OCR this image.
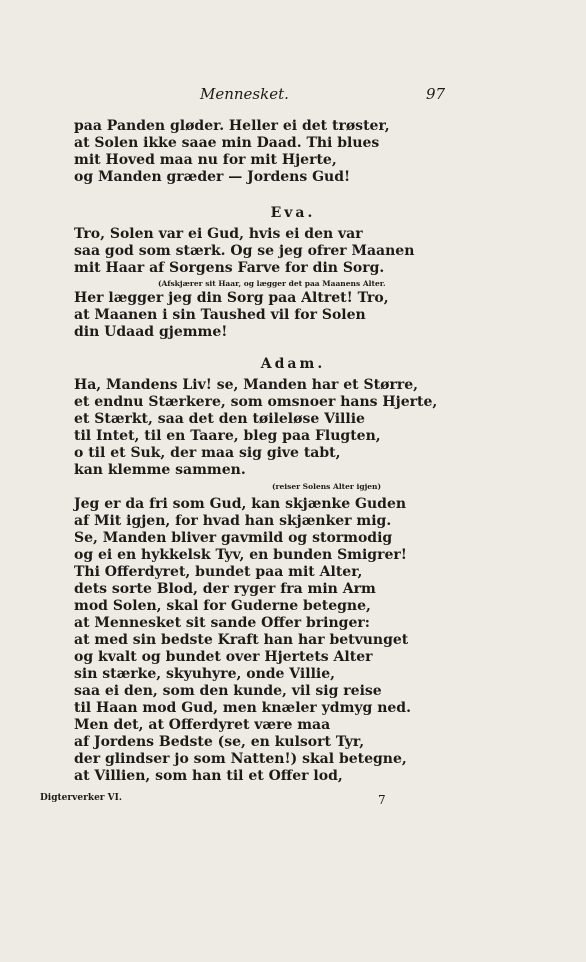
Mennesket.	97
paa Panden gløder. Heller ei det trøster,
at Solen ikke saae min Daad. Thi blues
mit Hoved maa nu for mit Hjerte,
og Manden græder — Jordens Gud!
Eva.
Tro, Solen var ei Gud, hvis ei den var
saa god som stærk. Og se jeg ofrer Maanen
mit Haar af Sorgens Farve for din Sorg.
(Afskjærer sit Haar, og lægger det paa Maanens Alter.
Her lægger jeg din Sorg paa Altret! Tro,
at Maanen i sin Taushed vil for Solen
din Udaad gjemme!
Adam.
Ha, Mandens Liv! se, Manden har et Større,
et endnu Stærkere, som omsnoer hans Hjerte,
et Stærkt, saa det den tøileløse Villie
til Intet, til en Taare, bleg paa Flugten,
o til et Suk, der maa sig give tabt,
kan klemme sammen.
(reiser Solens Alter igjen)
Jeg er da fri som Gud, kan skjænke Guden
af Mit igjen, for hvad han skjænker mig.
Se, Manden bliver gavmild og stormodig
og ei en hykkelsk Tyv, en bunden Smigrer!
Thi Offerdyret, bundet paa mit Alter,
dets sorte Blod, der ryger fra min Arm
mod Solen, skal for Guderne betegne,
at Mennesket sit sande Offer bringer:
at med sin bedste Kraft han har betvunget
og kvalt og bundet over Hjertets Alter
sin stærke, skyuhyre, onde Villie,
saa ei den, som den kunde, vil sig reise
til Haan mod Gud, men knæler ydmyg ned.
Men det, at Offerdyret være maa
af Jordens Bedste (se, en kulsort Tyr,
der glindser jo som Natten!) skal betegne,
at Villien, som han til et Offer lod,
Digterverker VI.	7
